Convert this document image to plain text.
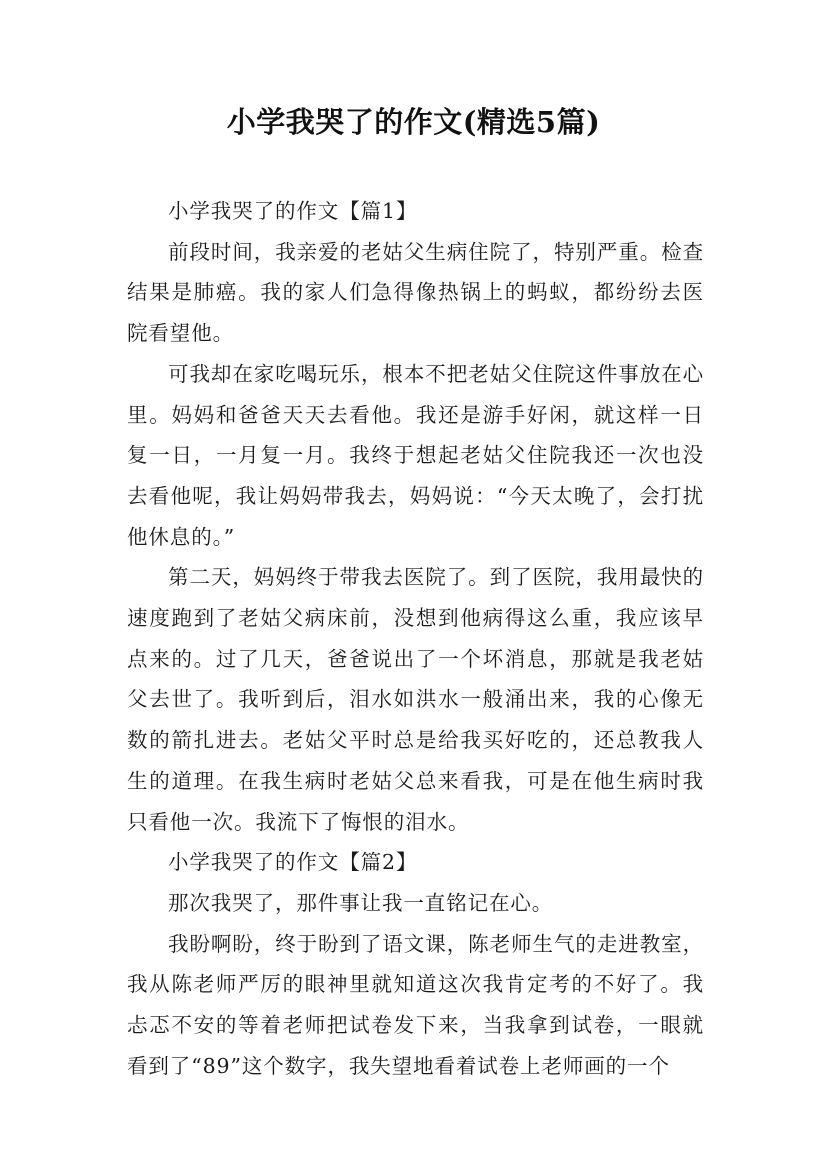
小学我哭了的作文(精选5篇)

小学我哭了的作文【篇1】

前段时间，我亲爱的老姑父生病住院了，特别严重。检查结果是肺癌。我的家人们急得像热锅上的蚂蚁，都纷纷去医院看望他。

可我却在家吃喝玩乐，根本不把老姑父住院这件事放在心里。妈妈和爸爸天天去看他。我还是游手好闲，就这样一日复一日，一月复一月。我终于想起老姑父住院我还一次也没去看他呢，我让妈妈带我去，妈妈说：“今天太晚了，会打扰他休息的。”

第二天，妈妈终于带我去医院了。到了医院，我用最快的速度跑到了老姑父病床前，没想到他病得这么重，我应该早点来的。过了几天，爸爸说出了一个坏消息，那就是我老姑父去世了。我听到后，泪水如洪水一般涌出来，我的心像无数的箭扎进去。老姑父平时总是给我买好吃的，还总教我人生的道理。在我生病时老姑父总来看我，可是在他生病时我只看他一次。我流下了悔恨的泪水。

小学我哭了的作文【篇2】

那次我哭了，那件事让我一直铭记在心。

我盼啊盼，终于盼到了语文课，陈老师生气的走进教室，我从陈老师严厉的眼神里就知道这次我肯定考的不好了。我忐忑不安的等着老师把试卷发下来，当我拿到试卷，一眼就看到了“89”这个数字，我失望地看着试卷上老师画的一个
